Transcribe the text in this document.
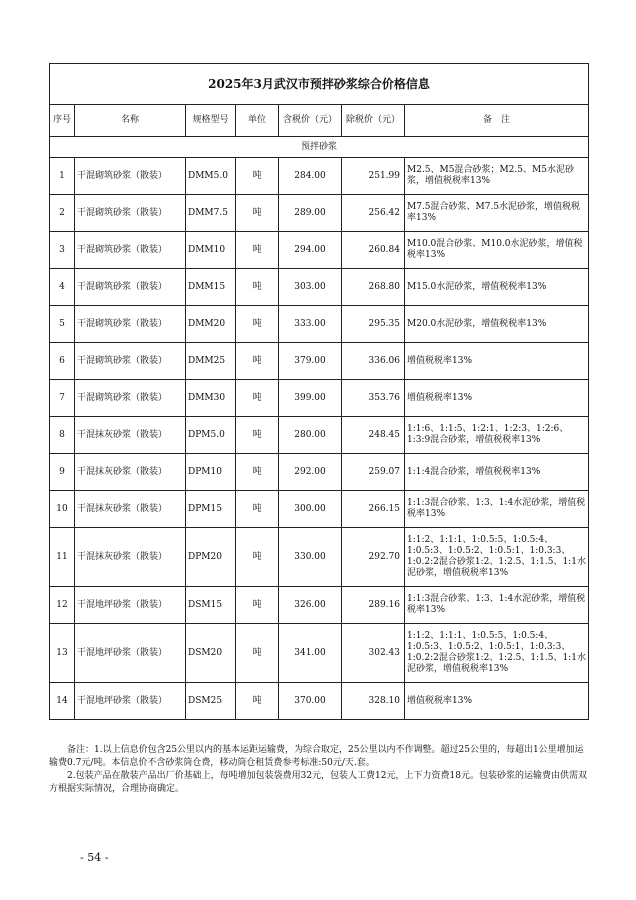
2025年3月武汉市预拌砂浆综合价格信息						
序号	名称	规格型号	单位	含税价（元）	除税价（元）	备　注
预拌砂浆						
1	干混砌筑砂浆（散装）	DMM5.0	吨	284.00	251.99	M2.5、M5混合砂浆；M2.5、M5水泥砂浆，增值税税率13%
2	干混砌筑砂浆（散装）	DMM7.5	吨	289.00	256.42	M7.5混合砂浆、M7.5水泥砂浆，增值税税率13%
3	干混砌筑砂浆（散装）	DMM10	吨	294.00	260.84	M10.0混合砂浆、M10.0水泥砂浆，增值税税率13%
4	干混砌筑砂浆（散装）	DMM15	吨	303.00	268.80	M15.0水泥砂浆，增值税税率13%
5	干混砌筑砂浆（散装）	DMM20	吨	333.00	295.35	M20.0水泥砂浆，增值税税率13%
6	干混砌筑砂浆（散装）	DMM25	吨	379.00	336.06	增值税税率13%
7	干混砌筑砂浆（散装）	DMM30	吨	399.00	353.76	增值税税率13%
8	干混抹灰砂浆（散装）	DPM5.0	吨	280.00	248.45	1:1:6、1:1:5、1:2:1、1:2:3、1:2:6、1:3:9混合砂浆，增值税税率13%
9	干混抹灰砂浆（散装）	DPM10	吨	292.00	259.07	1:1:4混合砂浆，增值税税率13%
10	干混抹灰砂浆（散装）	DPM15	吨	300.00	266.15	1:1:3混合砂浆、1:3、1:4水泥砂浆，增值税税率13%
11	干混抹灰砂浆（散装）	DPM20	吨	330.00	292.70	1:1:2、1:1:1、1:0.5:5、1:0.5:4、1:0.5:3、1:0.5:2、1:0.5:1、1:0.3:3、1:0.2:2混合砂浆1:2、1:2.5、1:1.5、1:1水泥砂浆，增值税税率13%
12	干混地坪砂浆（散装）	DSM15	吨	326.00	289.16	1:1:3混合砂浆、1:3、1:4水泥砂浆，增值税税率13%
13	干混地坪砂浆（散装）	DSM20	吨	341.00	302.43	1:1:2、1:1:1、1:0.5:5、1:0.5:4、1:0.5:3、1:0.5:2、1:0.5:1、1:0.3:3、1:0.2:2混合砂浆1:2、1:2.5、1:1.5、1:1水泥砂浆，增值税税率13%
14	干混地坪砂浆（散装）	DSM25	吨	370.00	328.10	增值税税率13%

备注：1.以上信息价包含25公里以内的基本运距运输费，为综合取定，25公里以内不作调整。超过25公里的，每超出1公里增加运输费0.7元/吨。本信息价不含砂浆筒仓费，移动筒仓租赁费参考标准:50元/天.套。

2.包装产品在散装产品出厂价基础上，每吨增加包装袋费用32元，包装人工费12元，上下力资费18元。包装砂浆的运输费由供需双方根据实际情况，合理协商确定。

- 54 -
